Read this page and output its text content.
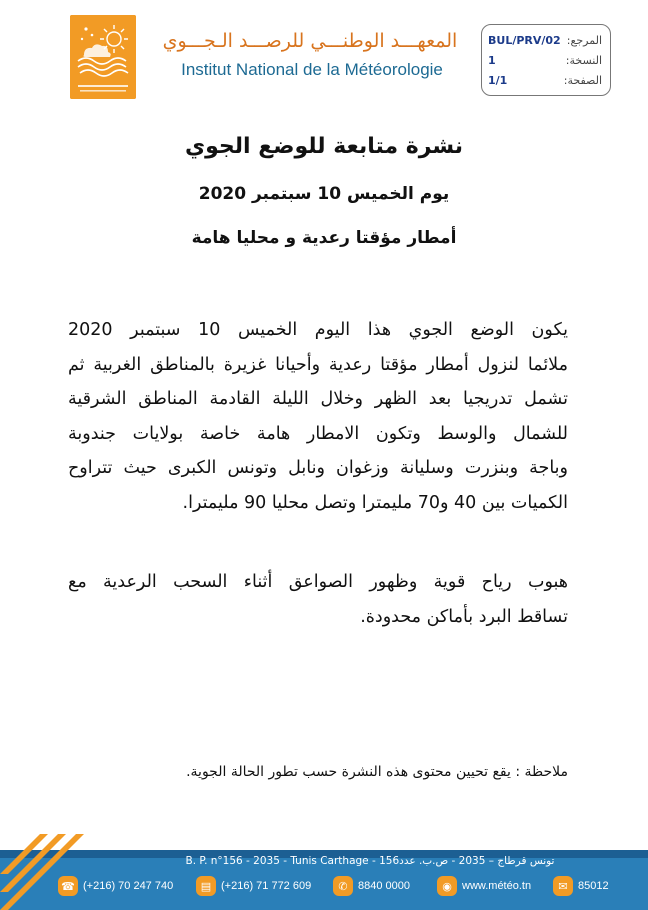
المعهـــد الوطنـــي للرصـــد الـجـــوي
Institut National de la Météorologie
المرجع:
BUL/PRV/02
النسخة:
1
الصفحة:
1/1
نشرة متابعة للوضع الجوي
يوم الخميس 10 سبتمبر 2020
أمطار مؤقتا رعدية و محليا هامة
يكون الوضع الجوي هذا اليوم الخميس 10 سبتمبر 2020
ملائما لنزول أمطار مؤقتا رعدية وأحيانا غزيرة بالمناطق الغربية ثم
تشمل تدريجيا بعد الظهر وخلال الليلة القادمة المناطق الشرقية
للشمال والوسط وتكون الامطار هامة خاصة بولايات جندوبة
وباجة وبنزرت وسليانة وزغوان ونابل وتونس الكبرى حيث تتراوح
الكميات بين 40 و70 مليمترا وتصل محليا 90 مليمترا.
هبوب رياح قوية وظهور الصواعق أثناء السحب الرعدية مع
تساقط البرد بأماكن محدودة.
ملاحظة : يقع تحيين محتوى هذه النشرة حسب تطور الحالة الجوية.
B. P. n°156 - 2035 - Tunis Carthage - تونس قرطاج – 2035 - ص.ب. عدد156
☎ (+216) 70 247 740	▤ (+216) 71 772 609	✆ 8840 0000	◉ www.météo.tn	✉ 85012
